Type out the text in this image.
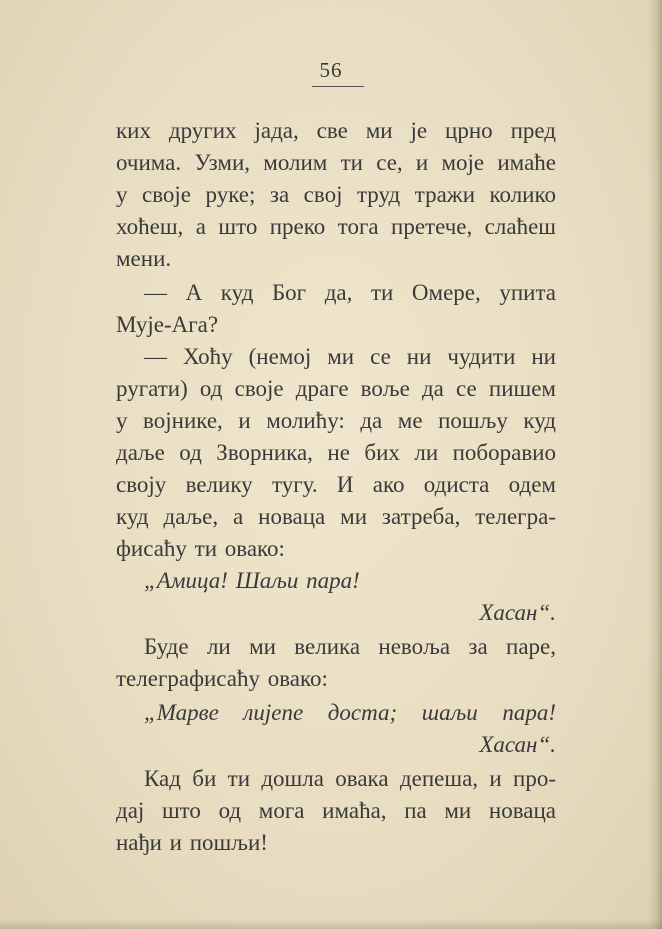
56
ких других јада, све ми је црно пред
очима. Узми, молим ти се, и моје имаће
у своје руке; за свој труд тражи колико
хоћеш, а што преко тога претече, слаћеш
мени.
— А куд Бог да, ти Омере, упита
Мује-Ага?
— Хоћу (немој ми се ни чудити ни
ругати) од своје драге воље да се пишем
у војнике, и молићу: да ме пошљу куд
даље од Зворника, не бих ли поборавио
своју велику тугу. И ако одиста одем
куд даље, а новаца ми затреба, телегра-
фисаћу ти овако:
„Амица! Шаљи пара!
Хасан“.
Буде ли ми велика невоља за паре,
телеграфисаћу овако:
„Марве лијепе доста; шаљи пара!
Хасан“.
Кад би ти дошла овака депеша, и про-
дај што од мога имаћа, па ми новаца
нађи и пошљи!
